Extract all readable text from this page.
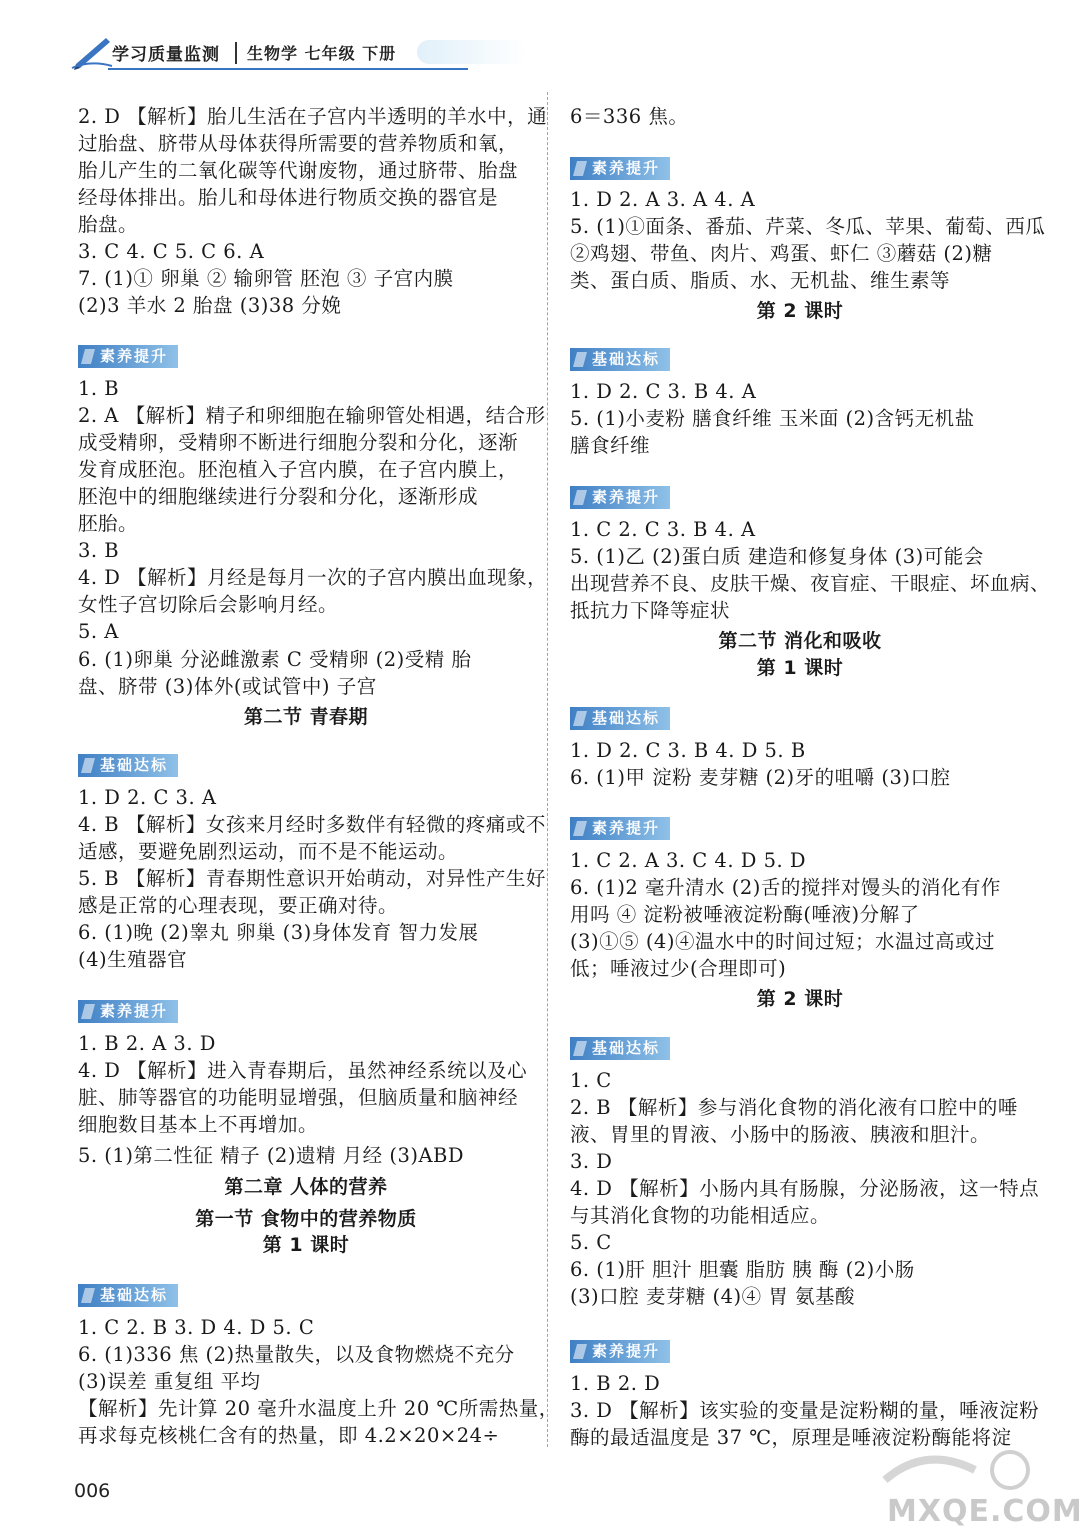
学习质量监测 生物学 七年级 下册
2. D 【解析】胎儿生活在子宫内半透明的羊水中，通
过胎盘、脐带从母体获得所需要的营养物质和氧，
胎儿产生的二氧化碳等代谢废物，通过脐带、胎盘
经母体排出。胎儿和母体进行物质交换的器官是
胎盘。
3. C 4. C 5. C 6. A
7. (1)① 卵巢 ② 输卵管 胚泡 ③ 子宫内膜
(2)3 羊水 2 胎盘 (3)38 分娩
素养提升
1. B
2. A 【解析】精子和卵细胞在输卵管处相遇，结合形
成受精卵，受精卵不断进行细胞分裂和分化，逐渐
发育成胚泡。胚泡植入子宫内膜，在子宫内膜上，
胚泡中的细胞继续进行分裂和分化，逐渐形成
胚胎。
3. B
4. D 【解析】月经是每月一次的子宫内膜出血现象，
女性子宫切除后会影响月经。
5. A
6. (1)卵巢 分泌雌激素 C 受精卵 (2)受精 胎
盘、脐带 (3)体外(或试管中) 子宫
第二节 青春期
基础达标
1. D 2. C 3. A
4. B 【解析】女孩来月经时多数伴有轻微的疼痛或不
适感，要避免剧烈运动，而不是不能运动。
5. B 【解析】青春期性意识开始萌动，对异性产生好
感是正常的心理表现，要正确对待。
6. (1)晚 (2)睾丸 卵巢 (3)身体发育 智力发展
(4)生殖器官
素养提升
1. B 2. A 3. D
4. D 【解析】进入青春期后，虽然神经系统以及心
脏、肺等器官的功能明显增强，但脑质量和脑神经
细胞数目基本上不再增加。
5. (1)第二性征 精子 (2)遗精 月经 (3)ABD
第二章 人体的营养
第一节 食物中的营养物质
第 1 课时
基础达标
1. C 2. B 3. D 4. D 5. C
6. (1)336 焦 (2)热量散失，以及食物燃烧不充分
(3)误差 重复组 平均
【解析】先计算 20 毫升水温度上升 20 ℃所需热量，
再求每克核桃仁含有的热量，即 4.2×20×24÷
6＝336 焦。
素养提升
1. D 2. A 3. A 4. A
5. (1)①面条、番茄、芹菜、冬瓜、苹果、葡萄、西瓜
②鸡翅、带鱼、肉片、鸡蛋、虾仁 ③蘑菇 (2)糖
类、蛋白质、脂质、水、无机盐、维生素等
第 2 课时
基础达标
1. D 2. C 3. B 4. A
5. (1)小麦粉 膳食纤维 玉米面 (2)含钙无机盐
膳食纤维
素养提升
1. C 2. C 3. B 4. A
5. (1)乙 (2)蛋白质 建造和修复身体 (3)可能会
出现营养不良、皮肤干燥、夜盲症、干眼症、坏血病、
抵抗力下降等症状
第二节 消化和吸收
第 1 课时
基础达标
1. D 2. C 3. B 4. D 5. B
6. (1)甲 淀粉 麦芽糖 (2)牙的咀嚼 (3)口腔
素养提升
1. C 2. A 3. C 4. D 5. D
6. (1)2 毫升清水 (2)舌的搅拌对馒头的消化有作
用吗 ④ 淀粉被唾液淀粉酶(唾液)分解了
(3)①⑤ (4)④温水中的时间过短；水温过高或过
低；唾液过少(合理即可)
第 2 课时
基础达标
1. C
2. B 【解析】参与消化食物的消化液有口腔中的唾
液、胃里的胃液、小肠中的肠液、胰液和胆汁。
3. D
4. D 【解析】小肠内具有肠腺，分泌肠液，这一特点
与其消化食物的功能相适应。
5. C
6. (1)肝 胆汁 胆囊 脂肪 胰 酶 (2)小肠
(3)口腔 麦芽糖 (4)④ 胃 氨基酸
素养提升
1. B 2. D
3. D 【解析】该实验的变量是淀粉糊的量，唾液淀粉
酶的最适温度是 37 ℃，原理是唾液淀粉酶能将淀
006
MXQE.COM
